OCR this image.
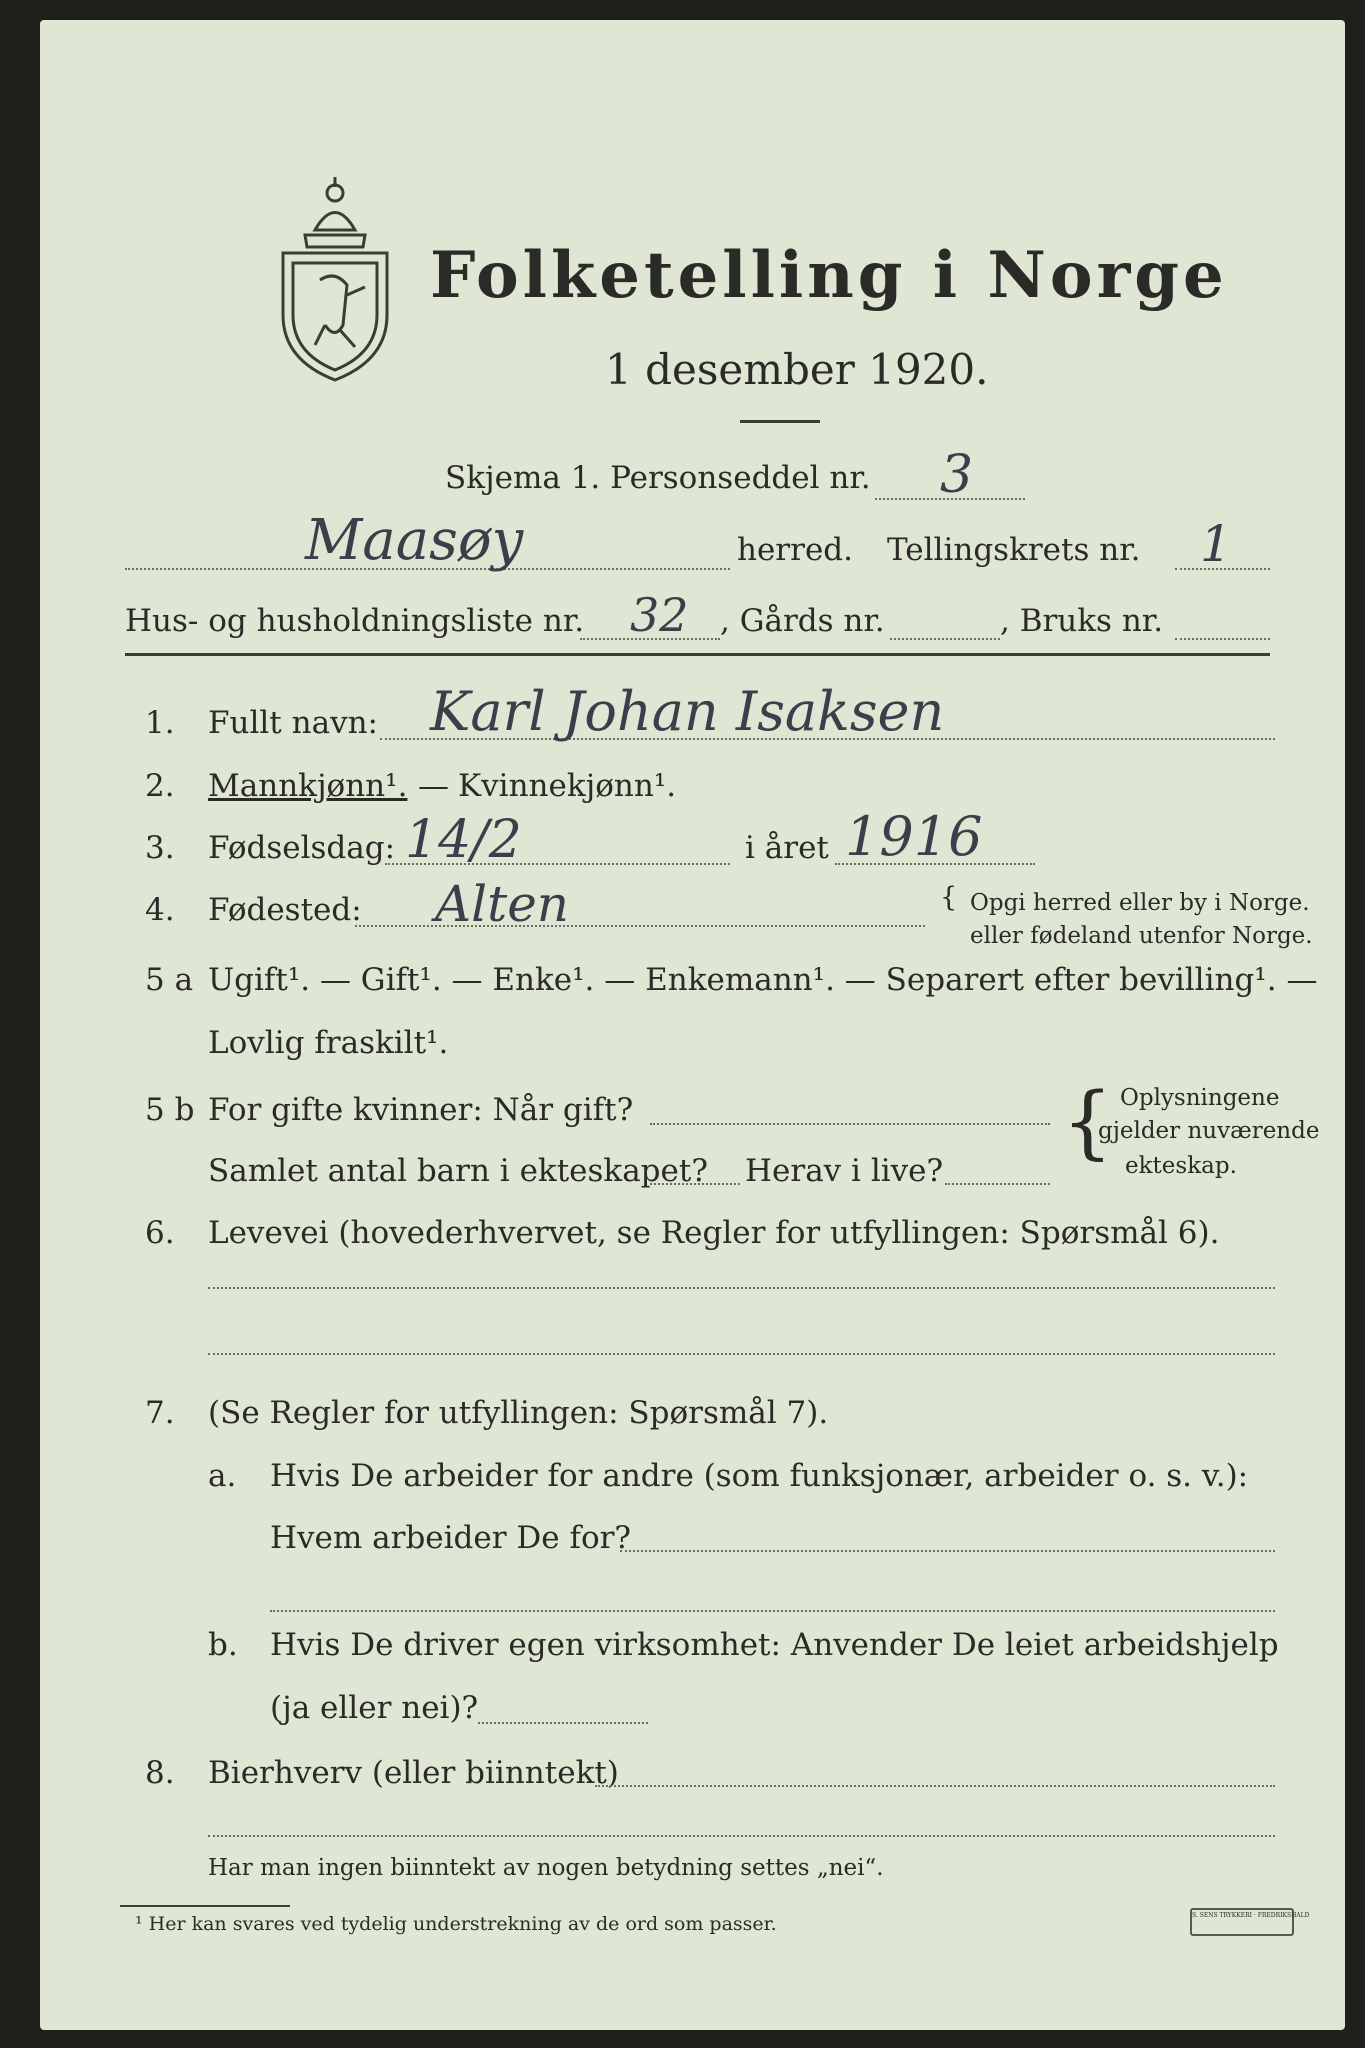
Folketelling i Norge
1 desember 1920.
Skjema 1. Personseddel nr. 3
Maasøy	herred. Tellingskrets nr. 1
Hus- og husholdningsliste nr. 32 , Gårds nr.	, Bruks nr.
1. Fullt navn: Karl Johan Isaksen
2. Mannkjønn¹. — Kvinnekjønn¹.
3. Fødselsdag: 14/2	i året 1916
4. Fødested: Alten	{ Opgi herred eller by i Norge.
eller fødeland utenfor Norge.
5 a Ugift¹. — Gift¹. — Enke¹. — Enkemann¹. — Separert efter bevilling¹. —
Lovlig fraskilt¹.
5 b For gifte kvinner: Når gift?
Samlet antal barn i ekteskapet? Herav i live?
{ Oplysningene
gjelder nuværende
ekteskap.
6. Levevei (hovederhvervet, se Regler for utfyllingen: Spørsmål 6).
7. (Se Regler for utfyllingen: Spørsmål 7).
a. Hvis De arbeider for andre (som funksjonær, arbeider o. s. v.):
Hvem arbeider De for?
b. Hvis De driver egen virksomhet: Anvender De leiet arbeidshjelp
(ja eller nei)?
8. Bierhverv (eller biinntekt)
Har man ingen biinntekt av nogen betydning settes „nei“.
¹ Her kan svares ved tydelig understrekning av de ord som passer.	S. SENS TRYKKERI · FREDRIKSHALD
